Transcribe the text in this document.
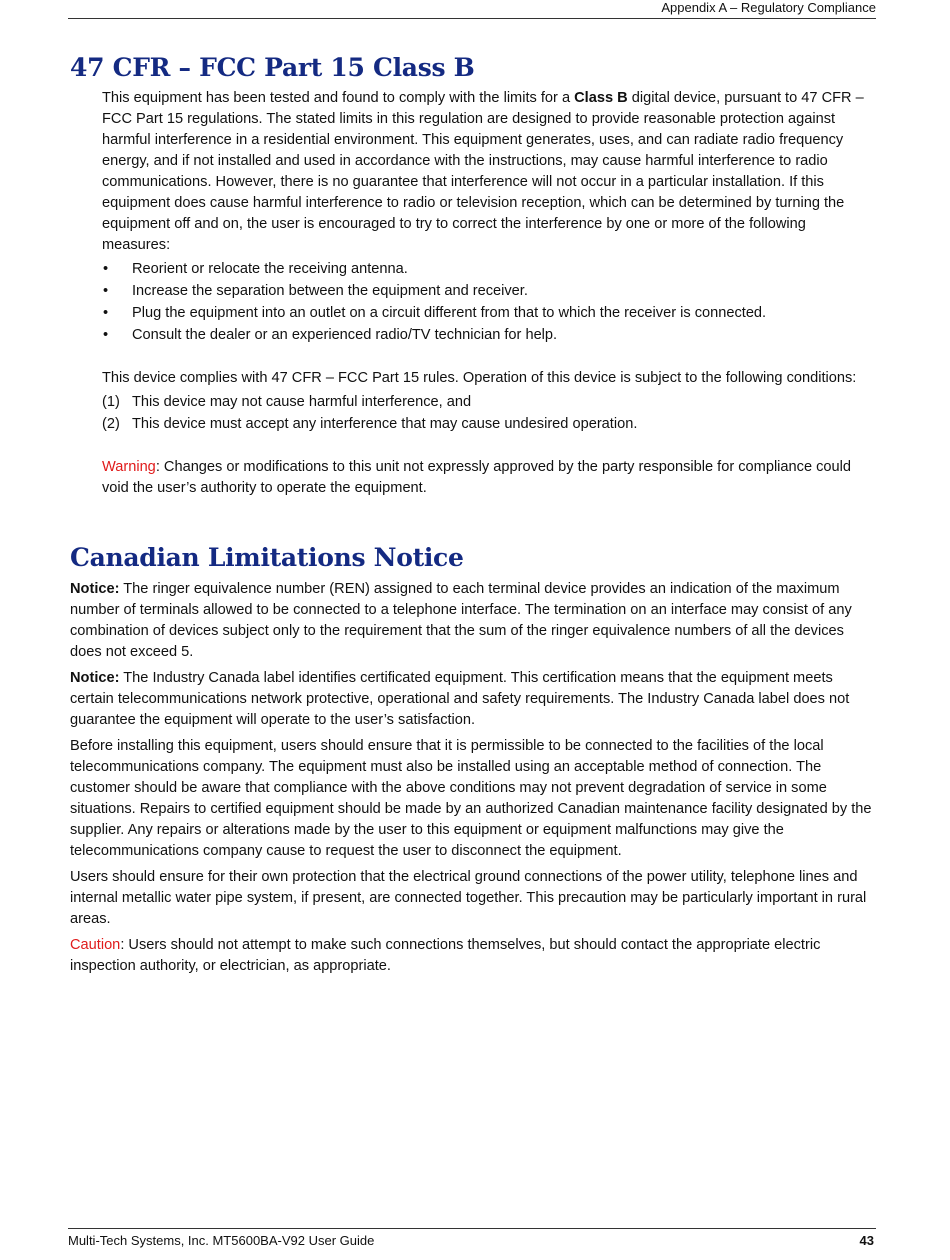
Appendix A – Regulatory Compliance
47 CFR – FCC Part 15 Class B

This equipment has been tested and found to comply with the limits for a Class B digital device, pursuant to 47 CFR – FCC Part 15 regulations. The stated limits in this regulation are designed to provide reasonable protection against harmful interference in a residential environment. This equipment generates, uses, and can radiate radio frequency energy, and if not installed and used in accordance with the instructions, may cause harmful interference to radio communications. However, there is no guarantee that interference will not occur in a particular installation. If this equipment does cause harmful interference to radio or television reception, which can be determined by turning the equipment off and on, the user is encouraged to try to correct the interference by one or more of the following measures:

• Reorient or relocate the receiving antenna.
• Increase the separation between the equipment and receiver.
• Plug the equipment into an outlet on a circuit different from that to which the receiver is connected.
• Consult the dealer or an experienced radio/TV technician for help.

This device complies with 47 CFR – FCC Part 15 rules. Operation of this device is subject to the following conditions:

(1) This device may not cause harmful interference, and
(2) This device must accept any interference that may cause undesired operation.

Warning: Changes or modifications to this unit not expressly approved by the party responsible for compliance could void the user’s authority to operate the equipment.

Canadian Limitations Notice

Notice: The ringer equivalence number (REN) assigned to each terminal device provides an indication of the maximum number of terminals allowed to be connected to a telephone interface. The termination on an interface may consist of any combination of devices subject only to the requirement that the sum of the ringer equivalence numbers of all the devices does not exceed 5.

Notice: The Industry Canada label identifies certificated equipment. This certification means that the equipment meets certain telecommunications network protective, operational and safety requirements. The Industry Canada label does not guarantee the equipment will operate to the user’s satisfaction.

Before installing this equipment, users should ensure that it is permissible to be connected to the facilities of the local telecommunications company. The equipment must also be installed using an acceptable method of connection. The customer should be aware that compliance with the above conditions may not prevent degradation of service in some situations. Repairs to certified equipment should be made by an authorized Canadian maintenance facility designated by the supplier. Any repairs or alterations made by the user to this equipment or equipment malfunctions may give the telecommunications company cause to request the user to disconnect the equipment.

Users should ensure for their own protection that the electrical ground connections of the power utility, telephone lines and internal metallic water pipe system, if present, are connected together. This precaution may be particularly important in rural areas.

Caution: Users should not attempt to make such connections themselves, but should contact the appropriate electric inspection authority, or electrician, as appropriate.

Multi-Tech Systems, Inc. MT5600BA-V92 User Guide	43
